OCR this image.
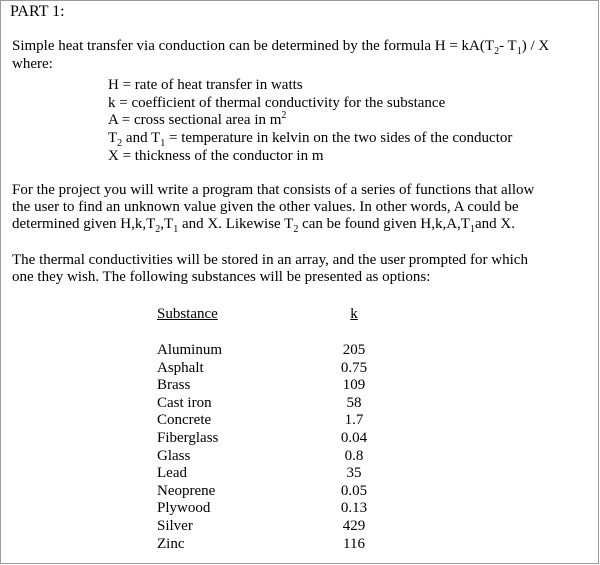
PART 1:
Simple heat transfer via conduction can be determined by the formula $H = kA(T_2-$ $T_1$) / X
where:
H = rate of heat transfer in watts
k = coefficient of thermal conductivity for the substance
A = cross sectional area in $m^2$
$T_2$ and $T_1$ = temperature in kelvin on the two sides of the conductor
X = thickness of the conductor in m
For the project you will write a program that consists of a series of functions that allow
the user to find an unknown value given the other values. In other words, A could be
determined given $H,k,T_2,T_1$ and X. Likewise $T_2$ can be found given $H,k,A,T_1and$ X.
The thermal conductivities will be stored in an array, and the user prompted for which
one they wish. The following substances will be presented as options:
Substance	k
Aluminum	205
Asphalt	0.75
Brass	109
Cast iron	58
Concrete	1.7
Fiberglass	0.04
Glass	0.8
Lead	35
Neoprene	0.05
Plywood	0.13
Silver	429
Zinc	116
